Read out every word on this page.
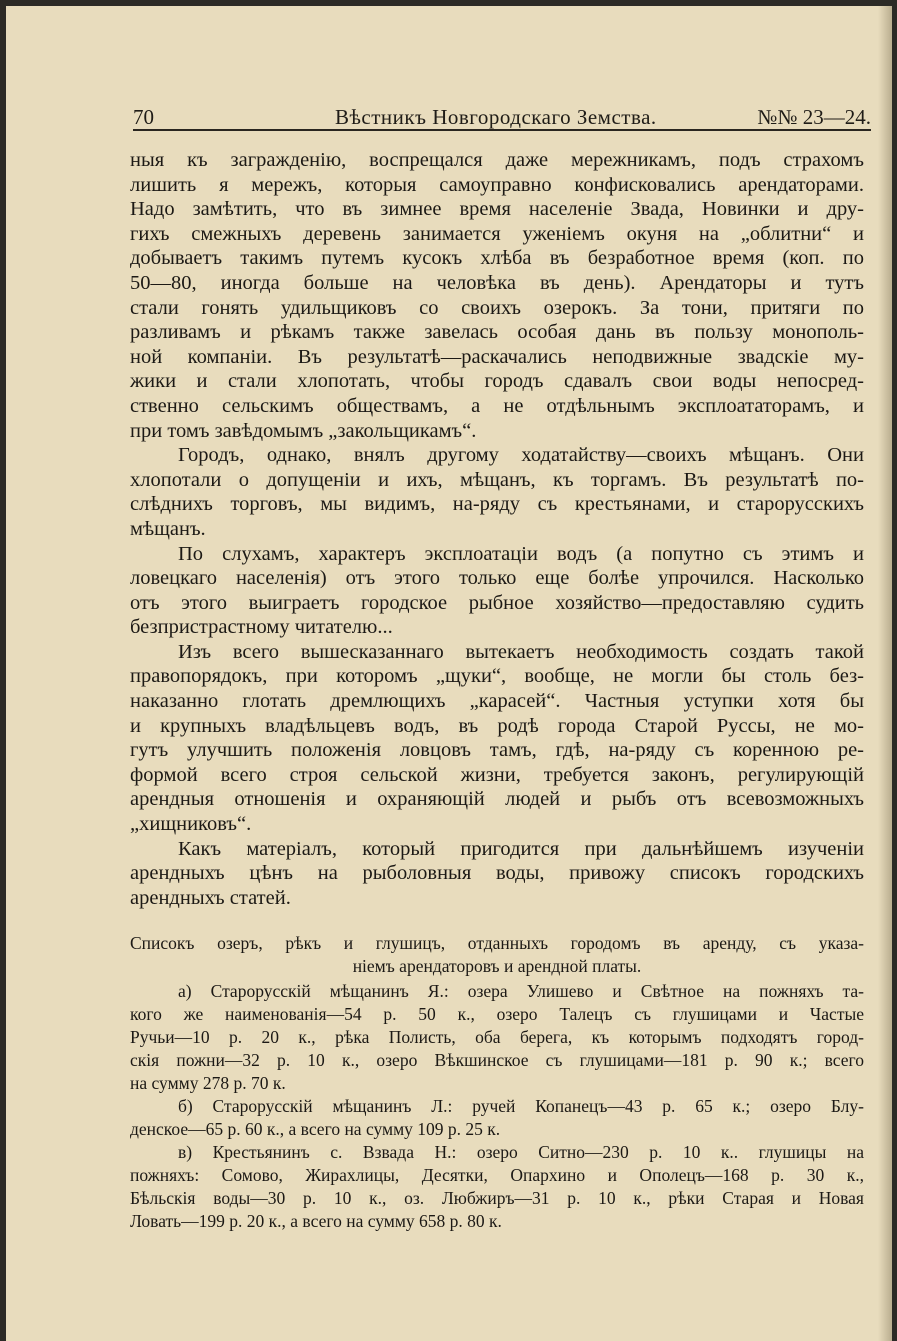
70	Вѣстникъ Новгородскаго Земства.	№№ 23—24.
ныя къ загражденію, воспрещался даже мережникамъ, подъ страхомъ
лишить я мережъ, которыя самоуправно конфисковались арендаторами.
Надо замѣтить, что въ зимнее время населеніе Звада, Новинки и дру-
гихъ смежныхъ деревень занимается уженіемъ окуня на „облитни“ и
добываетъ такимъ путемъ кусокъ хлѣба въ безработное время (коп. по
50—80, иногда больше на человѣка въ день). Арендаторы и тутъ
стали гонять удильщиковъ со своихъ озерокъ. За тони, притяги по
разливамъ и рѣкамъ также завелась особая дань въ пользу монополь-
ной компаніи. Въ результатѣ—раскачались неподвижные звадскіе му-
жики и стали хлопотать, чтобы городъ сдавалъ свои воды непосред-
ственно сельскимъ обществамъ, а не отдѣльнымъ эксплоататорамъ, и
при томъ завѣдомымъ „закольщикамъ“.
Городъ, однако, внялъ другому ходатайству—своихъ мѣщанъ. Они
хлопотали о допущеніи и ихъ, мѣщанъ, къ торгамъ. Въ результатѣ по-
слѣднихъ торговъ, мы видимъ, на-ряду съ крестьянами, и старорусскихъ
мѣщанъ.
По слухамъ, характеръ эксплоатаціи водъ (а попутно съ этимъ и
ловецкаго населенія) отъ этого только еще болѣе упрочился. Насколько
отъ этого выиграетъ городское рыбное хозяйство—предоставляю судить
безпристрастному читателю...
Изъ всего вышесказаннаго вытекаетъ необходимость создать такой
правопорядокъ, при которомъ „щуки“, вообще, не могли бы столь без-
наказанно глотать дремлющихъ „карасей“. Частныя уступки хотя бы
и крупныхъ владѣльцевъ водъ, въ родѣ города Старой Руссы, не мо-
гутъ улучшить положенія ловцовъ тамъ, гдѣ, на-ряду съ коренною ре-
формой всего строя сельской жизни, требуется законъ, регулирующій
арендныя отношенія и охраняющій людей и рыбъ отъ всевозможныхъ
„хищниковъ“.
Какъ матеріалъ, который пригодится при дальнѣйшемъ изученіи
арендныхъ цѣнъ на рыболовныя воды, привожу списокъ городскихъ
арендныхъ статей.
Списокъ озеръ, рѣкъ и глушицъ, отданныхъ городомъ въ аренду, съ указа-
ніемъ арендаторовъ и арендной платы.
а) Старорусскій мѣщанинъ Я.: озера Улишево и Свѣтное на пожняхъ та-
кого же наименованія—54 р. 50 к., озеро Талецъ съ глушицами и Частые
Ручьи—10 р. 20 к., рѣка Полисть, оба берега, къ которымъ подходятъ город-
скія пожни—32 р. 10 к., озеро Вѣкшинское съ глушицами—181 р. 90 к.; всего
на сумму 278 р. 70 к.
б) Старорусскій мѣщанинъ Л.: ручей Копанецъ—43 р. 65 к.; озеро Блу-
денское—65 р. 60 к., а всего на сумму 109 р. 25 к.
в) Крестьянинъ с. Взвада Н.: озеро Ситно—230 р. 10 к.. глушицы на
пожняхъ: Сомово, Жирахлицы, Десятки, Опархино и Ополецъ—168 р. 30 к.,
Бѣльскія воды—30 р. 10 к., оз. Любжиръ—31 р. 10 к., рѣки Старая и Новая
Ловать—199 р. 20 к., а всего на сумму 658 р. 80 к.
